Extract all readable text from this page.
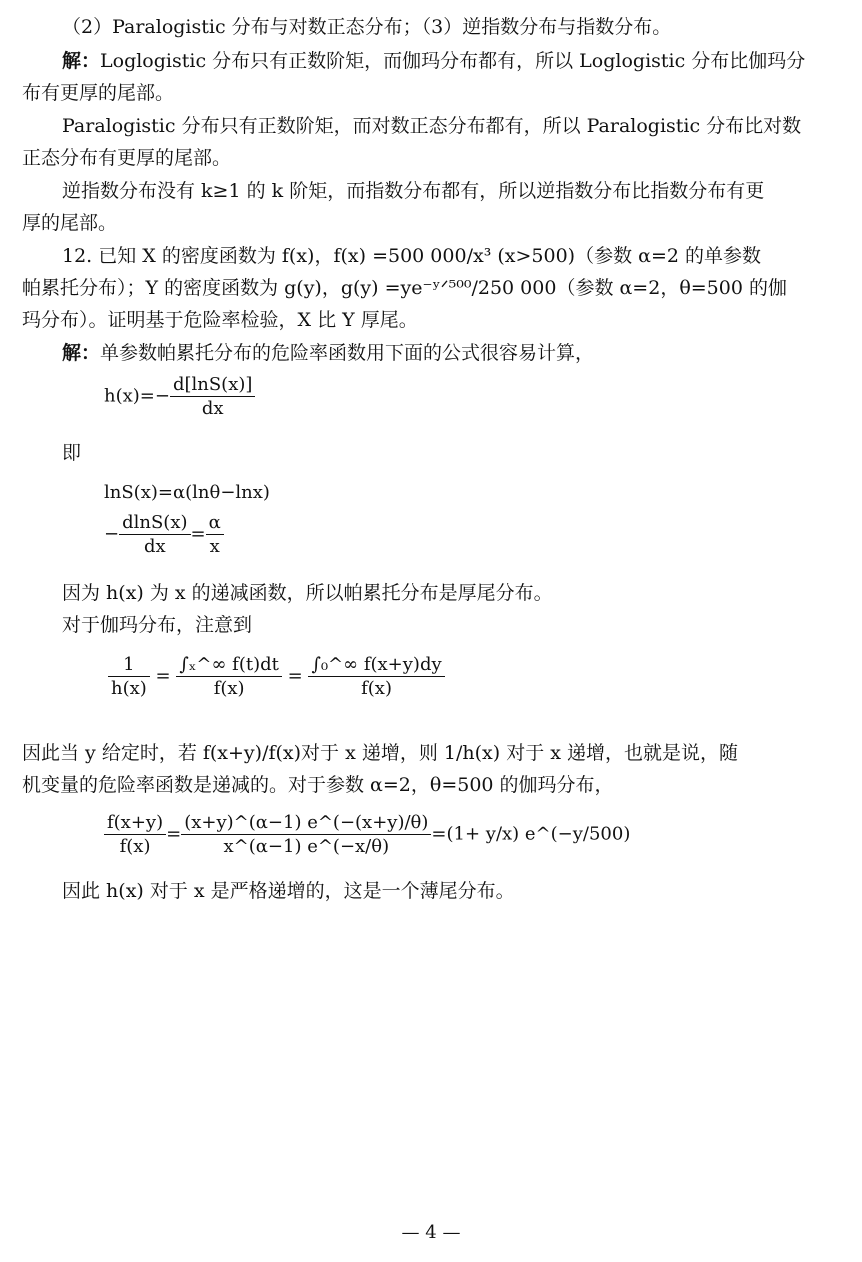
（2）Paralogistic 分布与对数正态分布；（3）逆指数分布与指数分布。
解：Loglogistic 分布只有正数阶矩，而伽玛分布都有，所以 Loglogistic 分布比伽玛分
布有更厚的尾部。
Paralogistic 分布只有正数阶矩，而对数正态分布都有，所以 Paralogistic 分布比对数
正态分布有更厚的尾部。
逆指数分布没有 k≥1 的 k 阶矩，而指数分布都有，所以逆指数分布比指数分布有更
厚的尾部。
12. 已知 X 的密度函数为 f(x)，f(x) =500 000/x³ (x>500)（参数 α=2 的单参数
帕累托分布）；Y 的密度函数为 g(y)，g(y) =ye⁻ʸᐟ⁵⁰⁰/250 000（参数 α=2，θ=500 的伽
玛分布）。证明基于危险率检验，X 比 Y 厚尾。
解：单参数帕累托分布的危险率函数用下面的公式很容易计算，
$h(x)=- \frac{d[\ln S(x)]}{dx}$
即
lnS(x)=α(lnθ−lnx)
− $\frac{dlnS(x)}{dx} = \frac{\alpha}{x}$
因为 h(x) 为 x 的递减函数，所以帕累托分布是厚尾分布。
对于伽玛分布，注意到
$\frac{1}{h(x)} = \frac{\text{∫ₓ\textasciicircum{}∞ f(t)dt}}{f(x)} = \frac{\text{∫₀\textasciicircum{}∞ f(x+y)dy}}{f(x)}$
因此当 y 给定时，若 f(x+y)/f(x)对于 x 递增，则 1/h(x) 对于 x 递增，也就是说，随
机变量的危险率函数是递减的。对于参数 α=2，θ=500 的伽玛分布，
$\frac{f(x+y)}{f(x)} = \frac{(x+y)\^{}(\alpha-1) e\^{}(-(x+y)/\theta)}{x\^{}(\alpha-1) e\^{}(-x/\theta)} =(1+ y/x)$ e^(−y/500)
因此 h(x) 对于 x 是严格递增的，这是一个薄尾分布。
— 4 —
